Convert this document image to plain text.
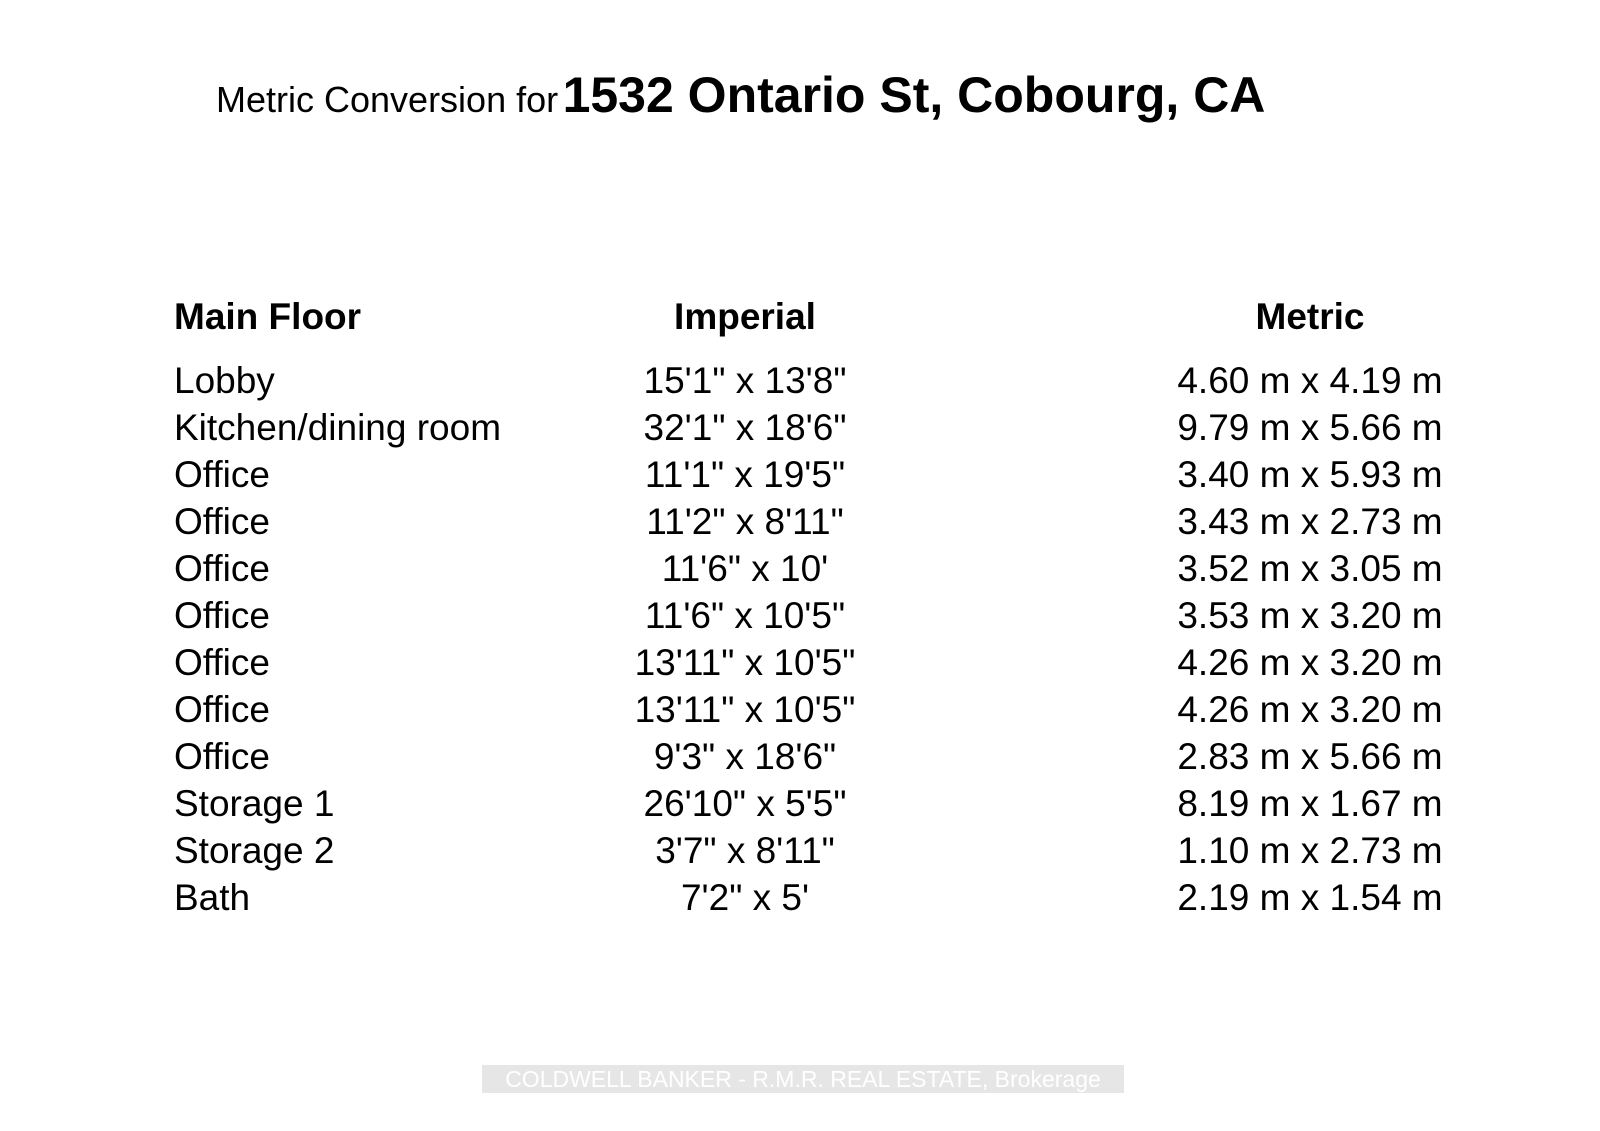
Metric Conversion for 1532 Ontario St, Cobourg, CA
Main Floor	Imperial	Metric
Lobby	15'1" x 13'8"	4.60 m x 4.19 m
Kitchen/dining room	32'1" x 18'6"	9.79 m x 5.66 m
Office	11'1" x 19'5"	3.40 m x 5.93 m
Office	11'2" x 8'11"	3.43 m x 2.73 m
Office	11'6" x 10'	3.52 m x 3.05 m
Office	11'6" x 10'5"	3.53 m x 3.20 m
Office	13'11" x 10'5"	4.26 m x 3.20 m
Office	13'11" x 10'5"	4.26 m x 3.20 m
Office	9'3" x 18'6"	2.83 m x 5.66 m
Storage 1	26'10" x 5'5"	8.19 m x 1.67 m
Storage 2	3'7" x 8'11"	1.10 m x 2.73 m
Bath	7'2" x 5'	2.19 m x 1.54 m
COLDWELL BANKER - R.M.R. REAL ESTATE, Brokerage
